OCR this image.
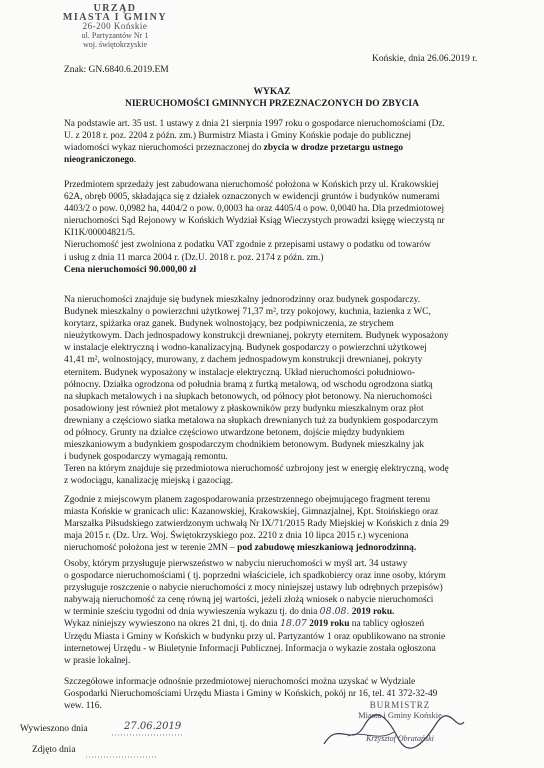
URZĄD
MIASTA I GMINY
26-200 Końskie
ul. Partyzantów Nr 1
woj. świętokrzyskie
Końskie, dnia 26.06.2019 r.
Znak: GN.6840.6.2019.EM
WYKAZ
NIERUCHOMOŚCI GMINNYCH PRZEZNACZONYCH DO ZBYCIA
Na podstawie art. 35 ust. 1 ustawy z dnia 21 sierpnia 1997 roku o gospodarce nieruchomościami (Dz.
U. z 2018 r. poz. 2204 z późn. zm.) Burmistrz Miasta i Gminy Końskie podaje do publicznej
wiadomości wykaz nieruchomości przeznaczonej do zbycia w drodze przetargu ustnego
nieograniczonego.
Przedmiotem sprzedaży jest zabudowana nieruchomość położona w Końskich przy ul. Krakowskiej
62A, obręb 0005, składająca się z działek oznaczonych w ewidencji gruntów i budynków numerami
4403/2 o pow. 0,0982 ha, 4404/2 o pow. 0,0003 ha oraz 4405/4 o pow. 0,0040 ha. Dla przedmiotowej
nieruchomości Sąd Rejonowy w Końskich Wydział Ksiąg Wieczystych prowadzi księgę wieczystą nr
KI1K/00004821/5.
Nieruchomość jest zwolniona z podatku VAT zgodnie z przepisami ustawy o podatku od towarów
i usług z dnia 11 marca 2004 r. (Dz.U. 2018 r. poz. 2174 z późn. zm.)
Cena nieruchomości 90.000,00 zł
Na nieruchomości znajduje się budynek mieszkalny jednorodzinny oraz budynek gospodarczy.
Budynek mieszkalny o powierzchni użytkowej 71,37 m², trzy pokojowy, kuchnia, łazienka z WC,
korytarz, spiżarka oraz ganek. Budynek wolnostojący, bez podpiwniczenia, ze strychem
nieużytkowym. Dach jednospadowy konstrukcji drewnianej, pokryty eternitem. Budynek wyposażony
w instalacje elektryczną i wodno-kanalizacyjną. Budynek gospodarczy o powierzchni użytkowej
41,41 m², wolnostojący, murowany, z dachem jednospadowym konstrukcji drewnianej, pokryty
eternitem. Budynek wyposażony w instalacje elektryczną. Układ nieruchomości południowo-
północny. Działka ogrodzona od południa bramą z furtką metalową, od wschodu ogrodzona siatką
na słupkach metalowych i na słupkach betonowych, od północy płot betonowy. Na nieruchomości
posadowiony jest również płot metalowy z płaskowników przy budynku mieszkalnym oraz płot
drewniany a częściowo siatka metalowa na słupkach drewnianych tuż za budynkiem gospodarczym
od północy. Grunty na działce częściowo utwardzone betonem, dojście między budynkiem
mieszkaniowym a budynkiem gospodarczym chodnikiem betonowym. Budynek mieszkalny jak
i budynek gospodarczy wymagają remontu.
Teren na którym znajduje się przedmiotowa nieruchomość uzbrojony jest w energię elektryczną, wodę
z wodociągu, kanalizację miejską i gazociąg.
Zgodnie z miejscowym planem zagospodarowania przestrzennego obejmującego fragment terenu
miasta Końskie w granicach ulic: Kazanowskiej, Krakowskiej, Gimnazjalnej, Kpt. Stoińskiego oraz
Marszałka Piłsudskiego zatwierdzonym uchwałą Nr IX/71/2015 Rady Miejskiej w Końskich z dnia 29
maja 2015 r. (Dz. Urz. Woj. Świętokrzyskiego poz. 2210 z dnia 10 lipca 2015 r.) wyceniona
nieruchomość położona jest w terenie 2MN – pod zabudowę mieszkaniową jednorodzinną.
Osoby, którym przysługuje pierwszeństwo w nabyciu nieruchomości w myśl art. 34 ustawy
o gospodarce nieruchomościami ( tj. poprzedni właściciele, ich spadkobiercy oraz inne osoby, którym
przysługuje roszczenie o nabycie nieruchomości z mocy niniejszej ustawy lub odrębnych przepisów)
nabywają nieruchomość za cenę równą jej wartości, jeżeli złożą wniosek o nabycie nieruchomości
w terminie sześciu tygodni od dnia wywieszenia wykazu tj. do dnia 08.08. 2019 roku.
Wykaz niniejszy wywieszono na okres 21 dni, tj. do dnia 18.07 2019 roku na tablicy ogłoszeń
Urzędu Miasta i Gminy w Końskich w budynku przy ul. Partyzantów 1 oraz opublikowano na stronie
internetowej Urzędu - w Biuletynie Informacji Publicznej. Informacja o wykazie została ogłoszona
w prasie lokalnej.
Szczegółowe informacje odnośnie przedmiotowej nieruchomości można uzyskać w Wydziale
Gospodarki Nieruchomościami Urzędu Miasta i Gminy w Końskich, pokój nr 16, tel. 41 372-32-49
wew. 116.
Wywieszono dnia	27.06.2019
Zdjęto dnia
BURMISTRZ
Miasta i Gminy Końskie
Krzysztof Obratański
